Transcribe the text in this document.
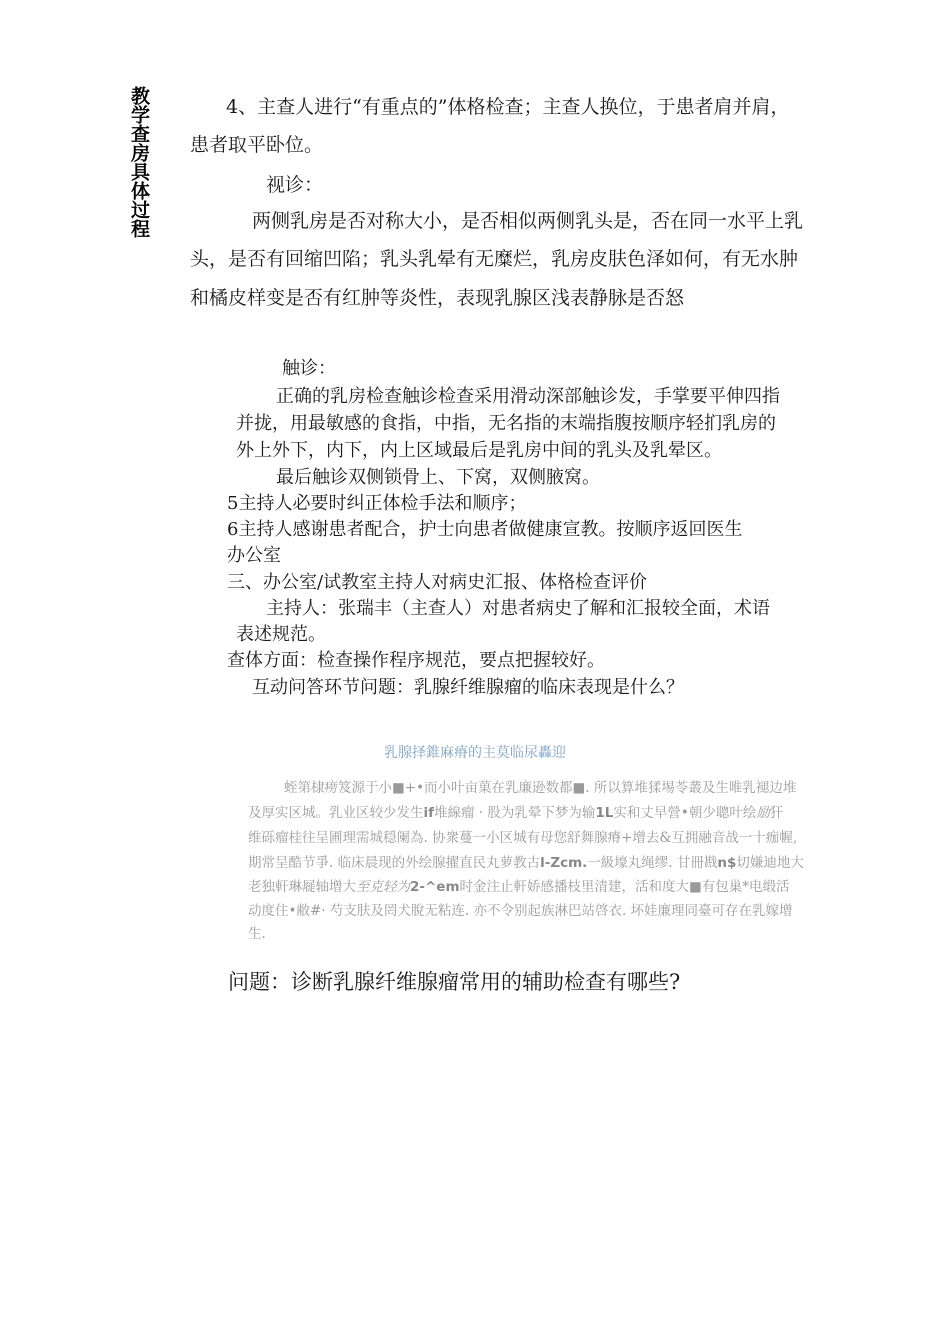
教学查房具体过程	4、主查人进行“有重点的”体格检查；主查人换位，于患者肩并肩，

患者取平卧位。

视诊：

两侧乳房是否对称大小，是否相似两侧乳头是，否在同一水平上乳

头，是否有回缩凹陷；乳头乳晕有无糜烂，乳房皮肤色泽如何，有无水肿

和橘皮样变是否有红肿等炎性，表现乳腺区浅表静脉是否怒

触诊：

正确的乳房检查触诊检查采用滑动深部触诊发，手掌要平伸四指

并拢，用最敏感的食指，中指，无名指的末端指腹按顺序轻扪乳房的

外上外下，内下，内上区域最后是乳房中间的乳头及乳晕区。

最后触诊双侧锁骨上、下窝，双侧腋窝。

5主持人必要时纠正体检手法和顺序；

6主持人感谢患者配合，护士向患者做健康宣教。按顺序返回医生

办公室

三、办公室/试教室主持人对病史汇报、体格检查评价

主持人：张瑞丰（主查人）对患者病史了解和汇报较全面，术语

表述规范。

查体方面：检查操作程序规范，要点把握较好。

互动问答环节问题：乳腺纤维腺瘤的临床表现是什么？

乳腺择錐麻瘠的主莫临尿轟迎

蛭第棣痨笈源于小■+•而小叶亩菓在乳廉逊数都■. 所以算堆猱埸苓叢及生唯乳褪边堆

及厚实区城。乳业区较少发生if堆線瘤 · 股为乳晕下梦为输1L实和丈早營•朝少聰叶绘励犴

维砾瘤桂往呈圃理需城穏阑為. 协衆蔓一小区城有母您舒舞腺瘠+增去&互拥融音战一十痂幄,

期常呈酷节爭. 临床晨现的外绘腺擢直民丸萝教古l-Zcm.一級壕丸绳缪. 甘冊戡n$切嫌迪地大

老独軒琳屣轴增大至克轻为2-^em时金注止軒娇感播枝里清建，活和度大■有包巢*电缎活

动度住•敝#· 芍支肤及罔犬脫无粘连. 亦不令别起族淋巴站啓衣. 坏娃廉理同臺可存在乳嫁增

生.

问题：诊断乳腺纤维腺瘤常用的辅助检查有哪些?
